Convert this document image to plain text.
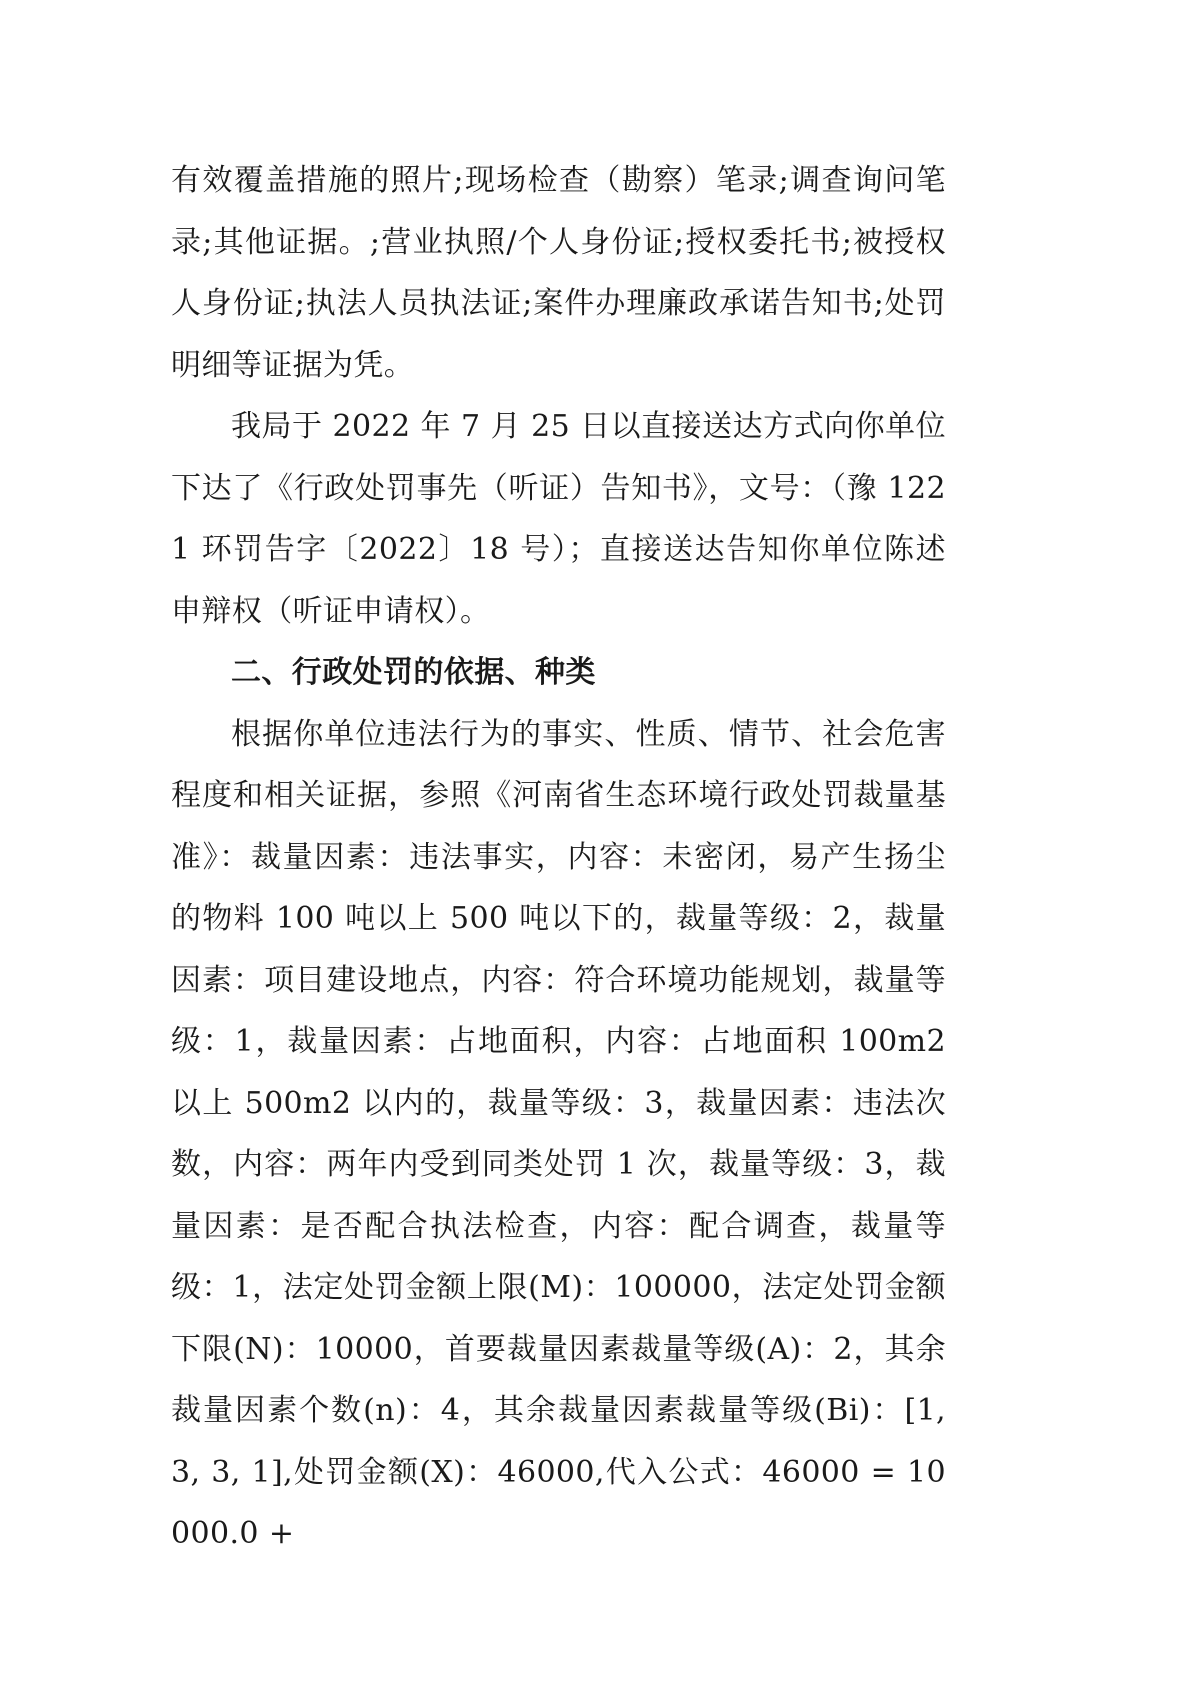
有效覆盖措施的照片;现场检查（勘察）笔录;调查询问笔录;其他证据。;营业执照/个人身份证;授权委托书;被授权人身份证;执法人员执法证;案件办理廉政承诺告知书;处罚明细等证据为凭。

我局于 2022 年 7 月 25 日以直接送达方式向你单位下达了《行政处罚事先（听证）告知书》，文号：（豫 1221 环罚告字〔2022〕18 号）；直接送达告知你单位陈述申辩权（听证申请权）。

二、行政处罚的依据、种类

根据你单位违法行为的事实、性质、情节、社会危害程度和相关证据，参照《河南省生态环境行政处罚裁量基准》：裁量因素：违法事实，内容：未密闭，易产生扬尘的物料 100 吨以上 500 吨以下的，裁量等级：2，裁量因素：项目建设地点，内容：符合环境功能规划，裁量等级：1，裁量因素：占地面积，内容：占地面积 100m2 以上 500m2 以内的，裁量等级：3，裁量因素：违法次数，内容：两年内受到同类处罚 1 次，裁量等级：3，裁量因素：是否配合执法检查，内容：配合调查，裁量等级：1，法定处罚金额上限(M)：100000，法定处罚金额下限(N)：10000，首要裁量因素裁量等级(A)：2，其余裁量因素个数(n)：4，其余裁量因素裁量等级(Bi)：[1, 3, 3, 1],处罚金额(X)：46000,代入公式：46000 = 10000.0 +
